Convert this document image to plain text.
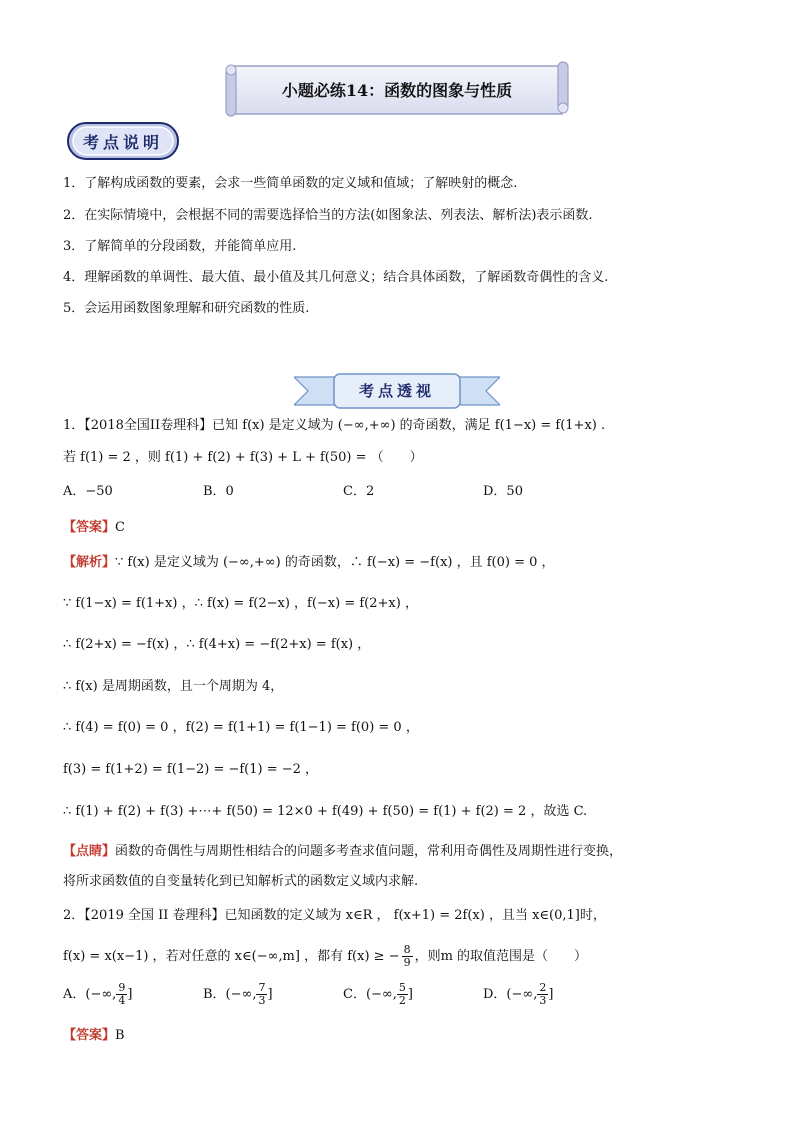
小题必练14：函数的图象与性质
考点说明
1．了解构成函数的要素，会求一些简单函数的定义域和值域；了解映射的概念.
2．在实际情境中，会根据不同的需要选择恰当的方法(如图象法、列表法、解析法)表示函数.
3．了解简单的分段函数，并能简单应用.
4．理解函数的单调性、最大值、最小值及其几何意义；结合具体函数，了解函数奇偶性的含义.
5．会运用函数图象理解和研究函数的性质.
考点透视
1．【2018全国II卷理科】已知 f(x) 是定义域为 (−∞,+∞) 的奇函数，满足 f(1−x) = f(1+x) .
若 f(1) = 2 ，则 f(1) + f(2) + f(3) + L + f(50) = （　　）
A．−50	B．0	C．2	D．50
【答案】C
【解析】∵ f(x) 是定义域为 (−∞,+∞) 的奇函数，∴ f(−x) = −f(x) ，且 f(0) = 0 ，
∵ f(1−x) = f(1+x) ，∴ f(x) = f(2−x) ，f(−x) = f(2+x) ，
∴ f(2+x) = −f(x) ，∴ f(4+x) = −f(2+x) = f(x) ，
∴ f(x) 是周期函数，且一个周期为 4，
∴ f(4) = f(0) = 0 ，f(2) = f(1+1) = f(1−1) = f(0) = 0 ，
f(3) = f(1+2) = f(1−2) = −f(1) = −2 ，
∴ f(1) + f(2) + f(3) +⋯+ f(50) = 12×0 + f(49) + f(50) = f(1) + f(2) = 2 ，故选 C.
【点睛】函数的奇偶性与周期性相结合的问题多考查求值问题，常利用奇偶性及周期性进行变换，
将所求函数值的自变量转化到已知解析式的函数定义域内求解.
2．【2019 全国 II 卷理科】已知函数的定义域为 x∈R ， f(x+1) = 2f(x) ，且当 x∈(0,1]时，
f(x) = x(x−1) ，若对任意的 x∈(−∞,m] ，都有 f(x) ≥ − $\frac{8}{9}$ ，则m 的取值范围是（　　）
A．(−∞, $\frac{9}{4}$ ]	B．(−∞, $\frac{7}{3}$ ]	C．(−∞, $\frac{5}{2}$ ]	D．(−∞, $\frac{2}{3}$ ]
【答案】B
